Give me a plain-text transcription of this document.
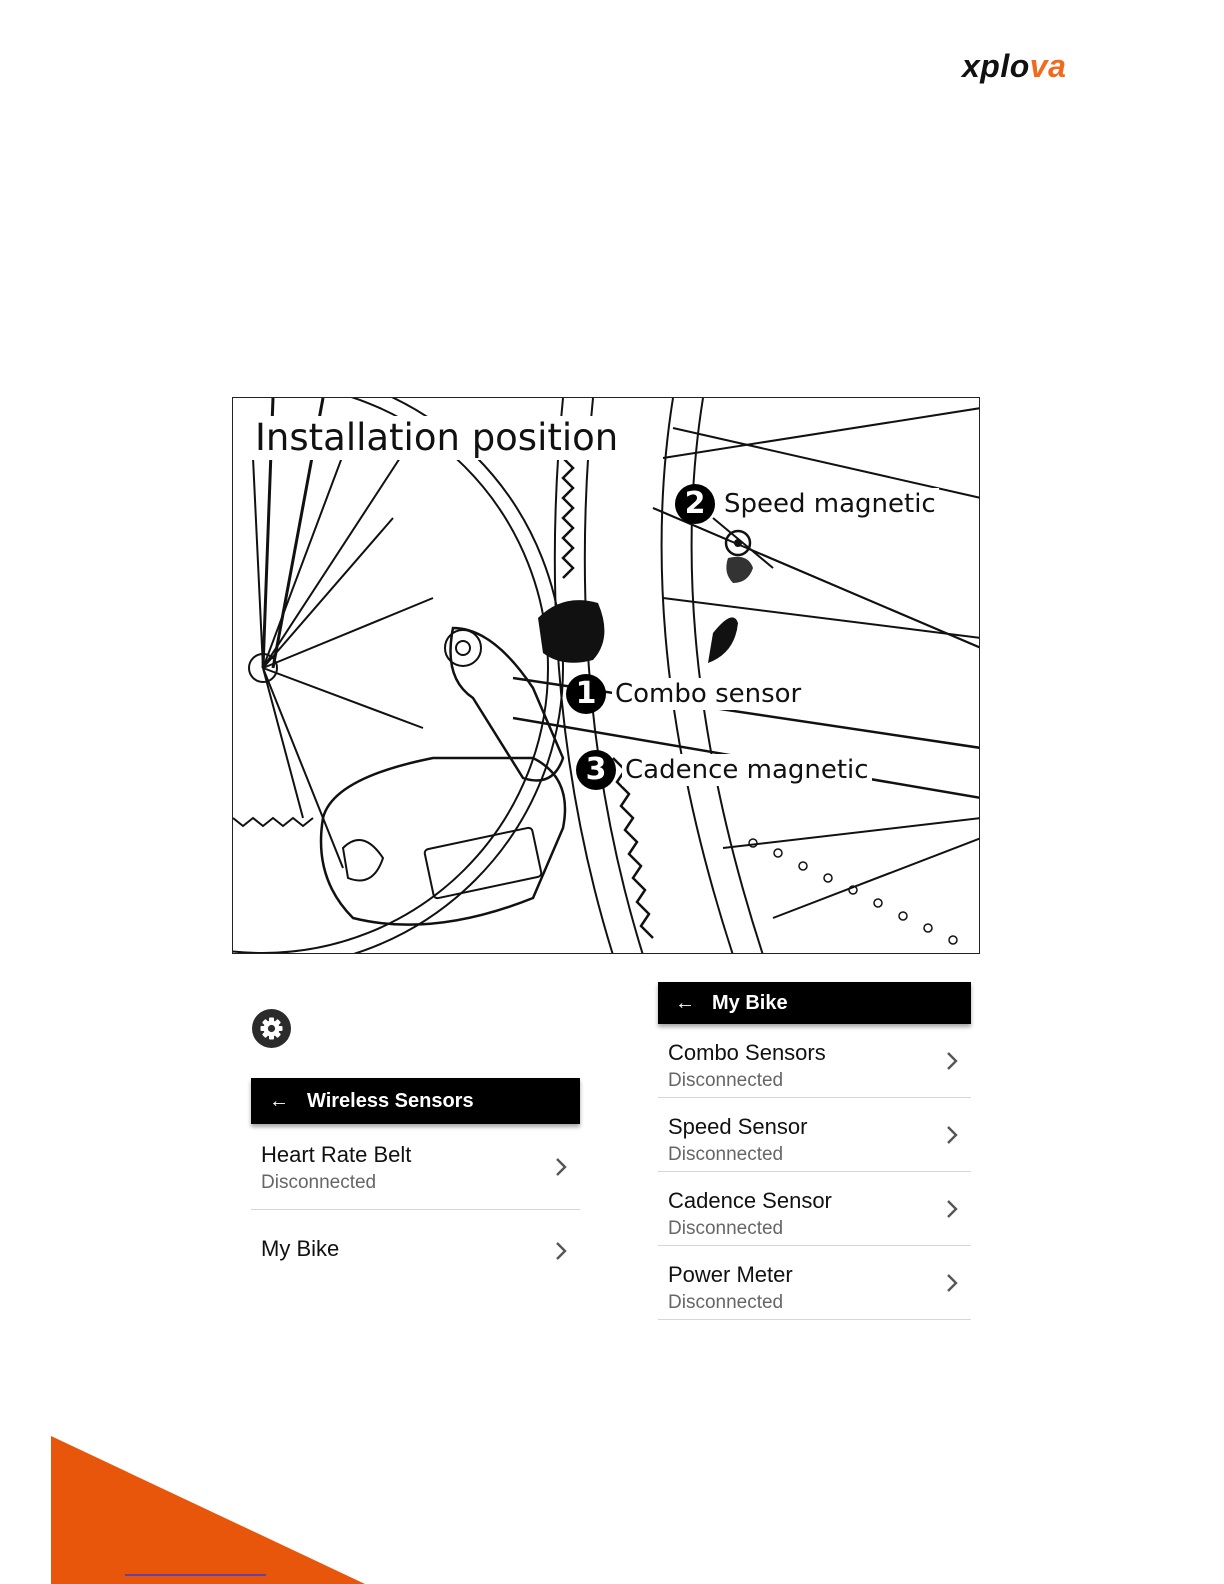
xplova
Installation position
2 Speed magnetic
1 Combo sensor
3 Cadence magnetic
← Wireless Sensors
Heart Rate Belt
Disconnected
My Bike
← My Bike
Combo Sensors
Disconnected
Speed Sensor
Disconnected
Cadence Sensor
Disconnected
Power Meter
Disconnected
